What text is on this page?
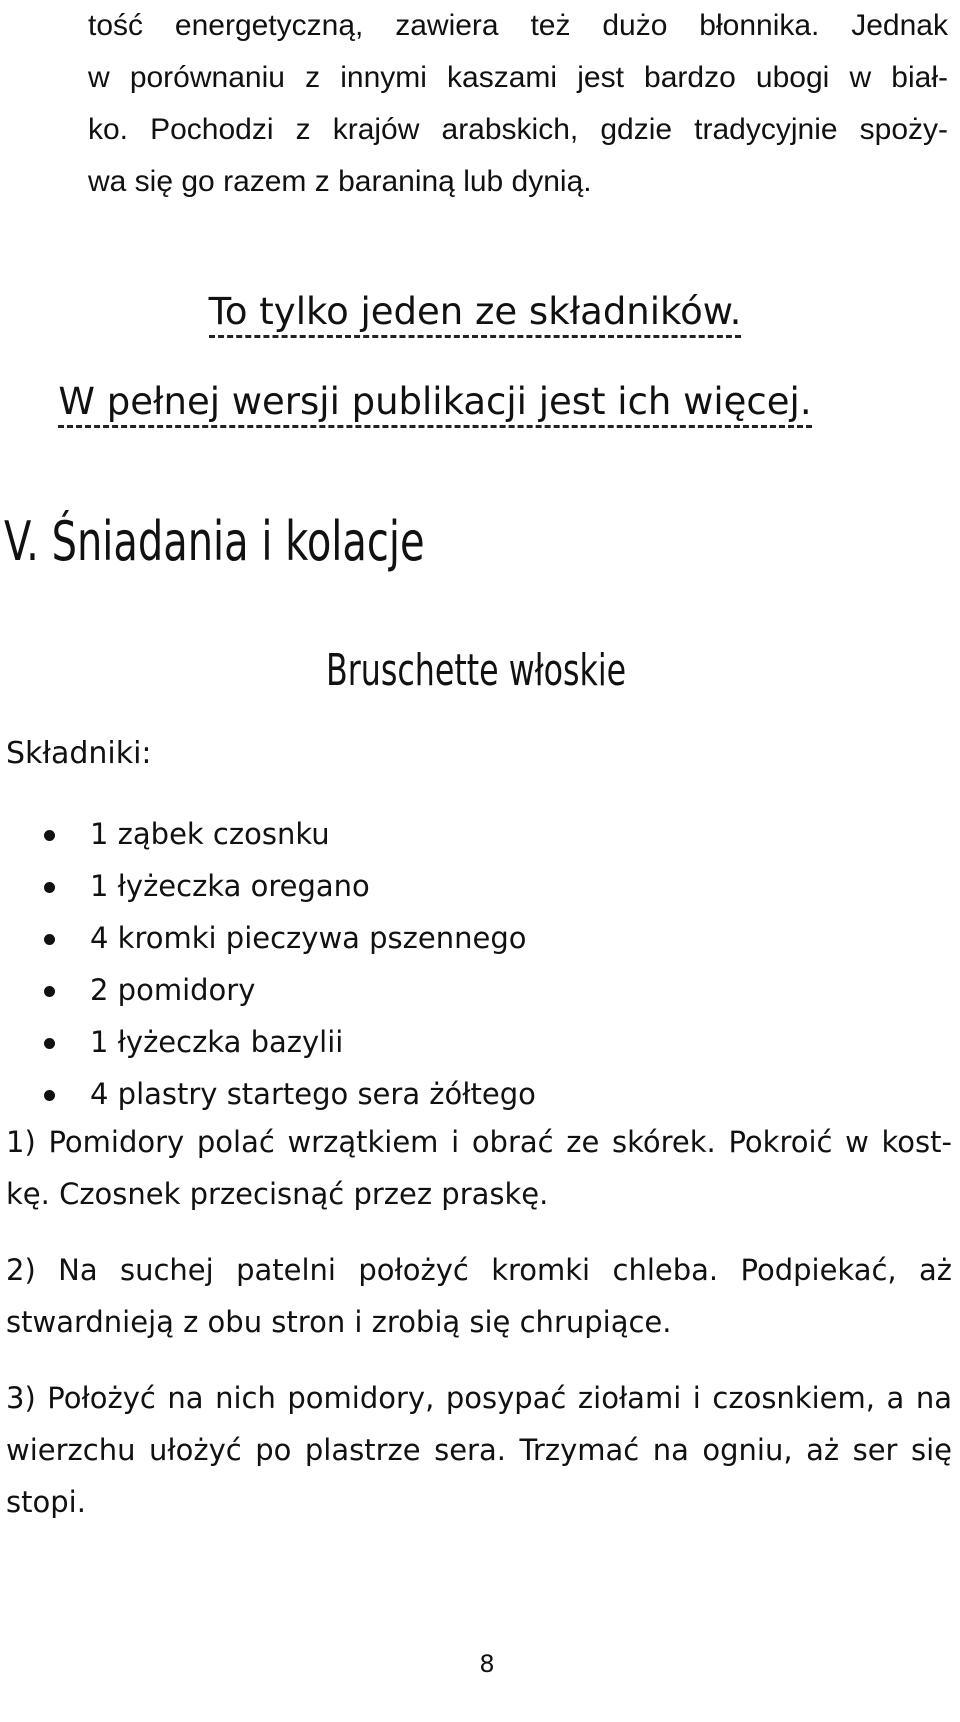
tość energetyczną, zawiera też dużo błonnika. Jednak
w porównaniu z innymi kaszami jest bardzo ubogi w biał-
ko. Pochodzi z krajów arabskich, gdzie tradycyjnie spoży-
wa się go razem z baraniną lub dynią.

To tylko jeden ze składników.

W pełnej wersji publikacji jest ich więcej.

V. Śniadania i kolacje
Bruschette włoskie

Składniki:

1 ząbek czosnku
1 łyżeczka oregano
4 kromki pieczywa pszennego
2 pomidory
1 łyżeczka bazylii
4 plastry startego sera żółtego

1) Pomidory polać wrzątkiem i obrać ze skórek. Pokroić w kost-
kę. Czosnek przecisnąć przez praskę.

2) Na suchej patelni położyć kromki chleba. Podpiekać, aż
stwardnieją z obu stron i zrobią się chrupiące.

3) Położyć na nich pomidory, posypać ziołami i czosnkiem, a na
wierzchu ułożyć po plastrze sera. Trzymać na ogniu, aż ser się
stopi.

8
